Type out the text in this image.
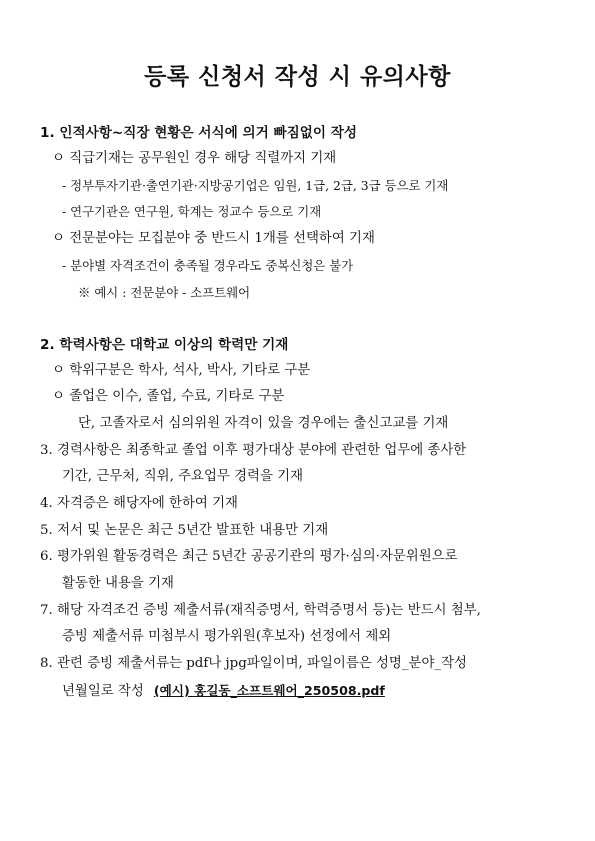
등록 신청서 작성 시 유의사항
1. 인적사항~직장 현황은 서식에 의거 빠짐없이 작성
ㅇ 직급기재는 공무원인 경우 해당 직렬까지 기재
- 정부투자기관·출연기관·지방공기업은 임원, 1급, 2급, 3급 등으로 기재
- 연구기관은 연구원, 학계는 정교수 등으로 기재
ㅇ 전문분야는 모집분야 중 반드시 1개를 선택하여 기재
- 분야별 자격조건이 충족될 경우라도 중복신청은 불가
※ 예시 : 전문분야 - 소프트웨어
2. 학력사항은 대학교 이상의 학력만 기재
ㅇ 학위구분은 학사, 석사, 박사, 기타로 구분
ㅇ 졸업은 이수, 졸업, 수료, 기타로 구분
단, 고졸자로서 심의위원 자격이 있을 경우에는 출신고교를 기재
3. 경력사항은 최종학교 졸업 이후 평가대상 분야에 관련한 업무에 종사한
기간, 근무처, 직위, 주요업무 경력을 기재
4. 자격증은 해당자에 한하여 기재
5. 저서 및 논문은 최근 5년간 발표한 내용만 기재
6. 평가위원 활동경력은 최근 5년간 공공기관의 평가·심의·자문위원으로
활동한 내용을 기재
7. 해당 자격조건 증빙 제출서류(재직증명서, 학력증명서 등)는 반드시 첨부,
증빙 제출서류 미첨부시 평가위원(후보자) 선정에서 제외
8. 관련 증빙 제출서류는 pdf나 jpg파일이며, 파일이름은 성명_분야_작성
년월일로 작성 (예시) 홍길동_소프트웨어_250508.pdf
